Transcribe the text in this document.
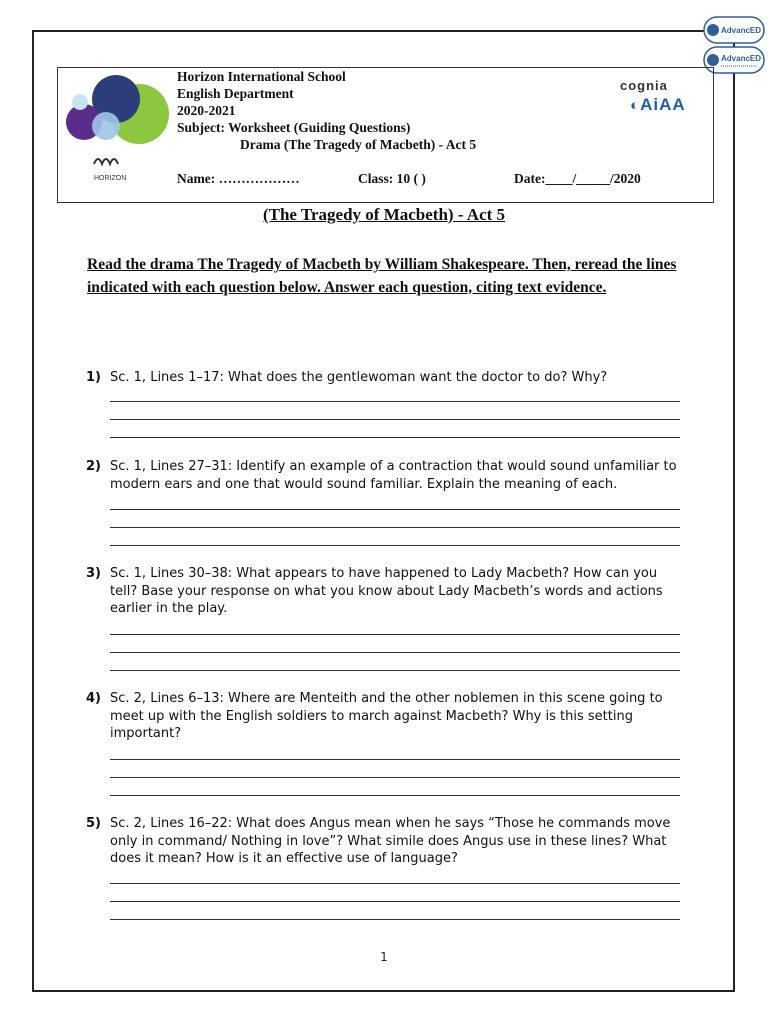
AdvancED
AdvancED
HORIZON
cognia
◐AiAA
Horizon International School
English Department
2020-2021
Subject: Worksheet (Guiding Questions)
Drama (The Tragedy of Macbeth) - Act 5
Name: ………………	Class: 10 ( )	Date:____/_____/2020
(The Tragedy of Macbeth) - Act 5
Read the drama The Tragedy of Macbeth by William Shakespeare. Then, reread the lines indicated with each question below. Answer each question, citing text evidence.
1) Sc. 1, Lines 1–17: What does the gentlewoman want the doctor to do? Why?
2) Sc. 1, Lines 27–31: Identify an example of a contraction that would sound unfamiliar to modern ears and one that would sound familiar. Explain the meaning of each.
3) Sc. 1, Lines 30–38: What appears to have happened to Lady Macbeth? How can you tell? Base your response on what you know about Lady Macbeth’s words and actions earlier in the play.
4) Sc. 2, Lines 6–13: Where are Menteith and the other noblemen in this scene going to meet up with the English soldiers to march against Macbeth? Why is this setting important?
5) Sc. 2, Lines 16–22: What does Angus mean when he says “Those he commands move only in command/ Nothing in love”? What simile does Angus use in these lines? What does it mean? How is it an effective use of language?
1
